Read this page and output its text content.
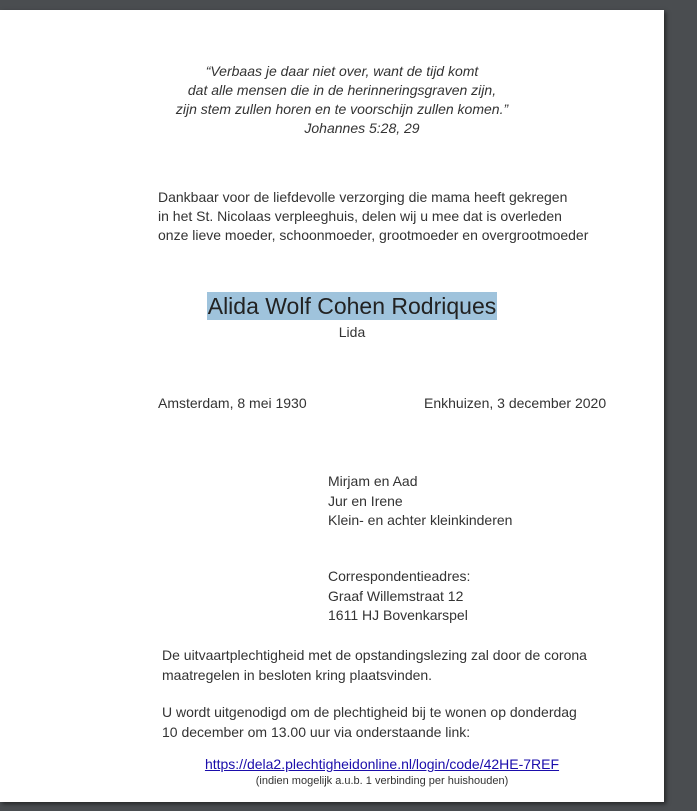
“Verbaas je daar niet over, want de tijd komt
dat alle mensen die in de herinneringsgraven zijn,
zijn stem zullen horen en te voorschijn zullen komen.”
Johannes 5:28, 29
Dankbaar voor de liefdevolle verzorging die mama heeft gekregen
in het St. Nicolaas verpleeghuis, delen wij u mee dat is overleden
onze lieve moeder, schoonmoeder, grootmoeder en overgrootmoeder
Alida Wolf Cohen Rodriques
Lida
Amsterdam, 8 mei 1930	Enkhuizen, 3 december 2020
Mirjam en Aad
Jur en Irene
Klein- en achter kleinkinderen
Correspondentieadres:
Graaf Willemstraat 12
1611 HJ Bovenkarspel
De uitvaartplechtigheid met de opstandingslezing zal door de corona
maatregelen in besloten kring plaatsvinden.
U wordt uitgenodigd om de plechtigheid bij te wonen op donderdag
10 december om 13.00 uur via onderstaande link:
https://dela2.plechtigheidonline.nl/login/code/42HE-7REF
(indien mogelijk a.u.b. 1 verbinding per huishouden)
